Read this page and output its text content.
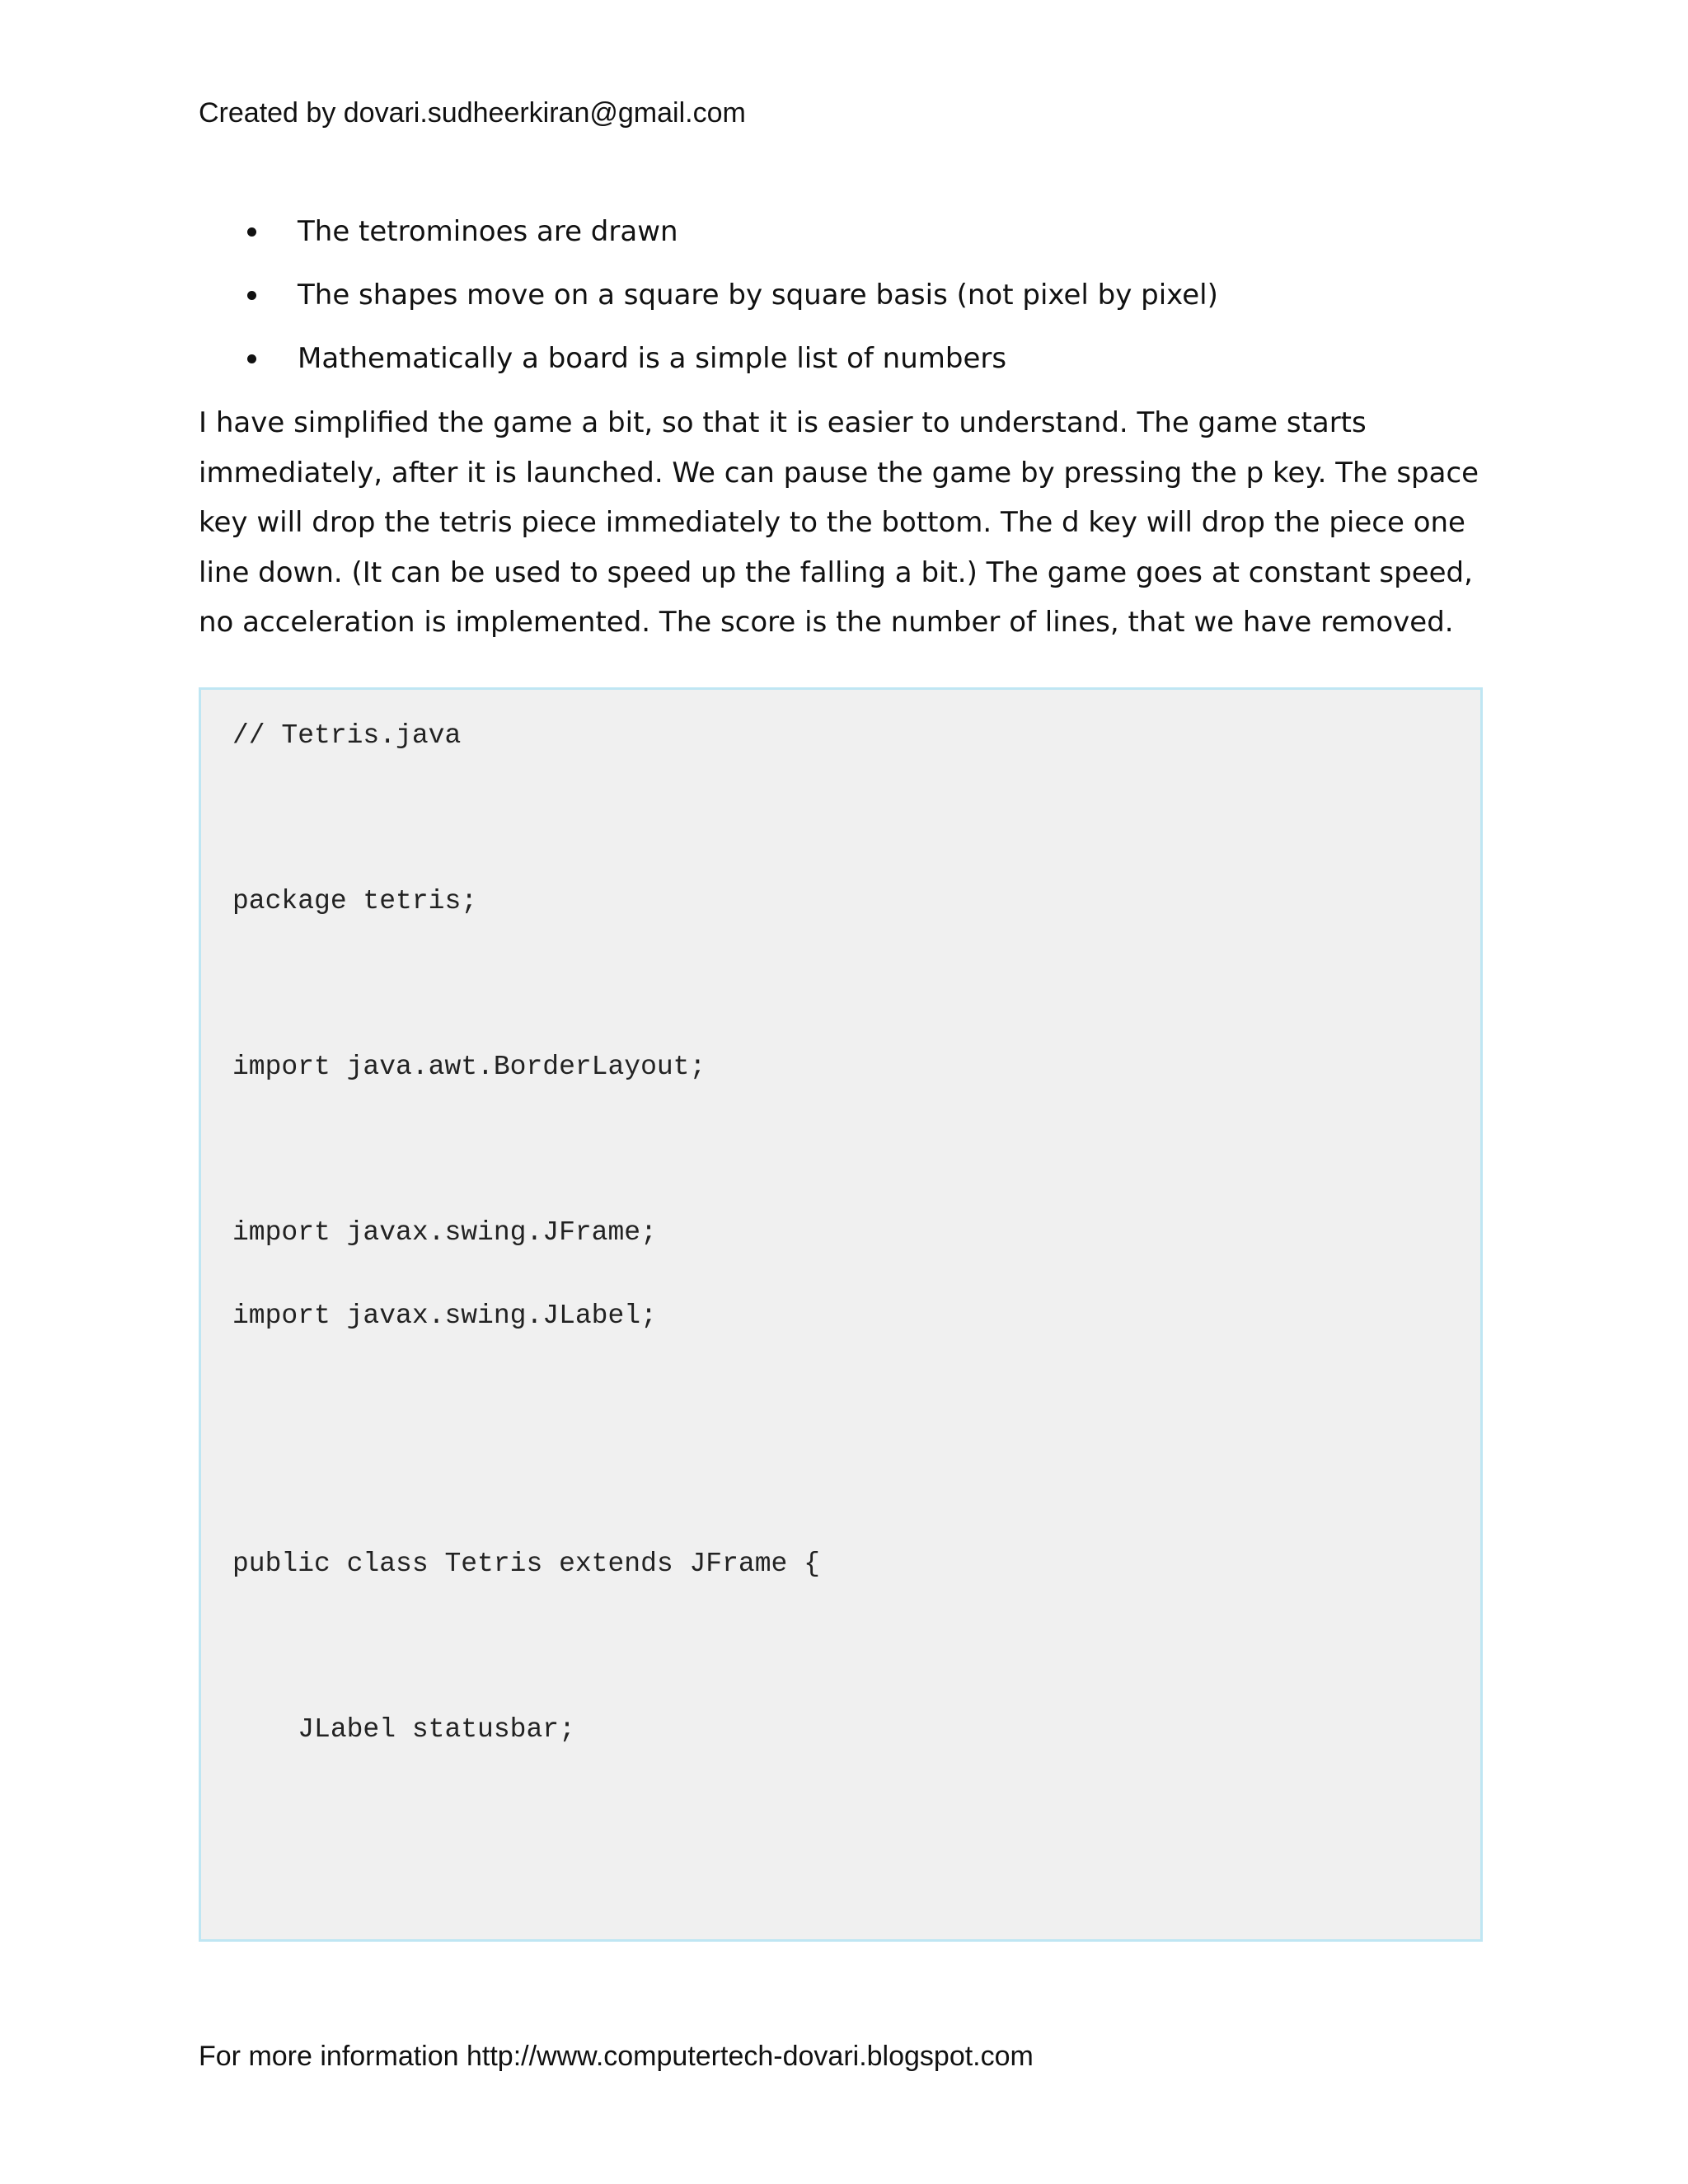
Created by dovari.sudheerkiran@gmail.com
The tetrominoes are drawn
The shapes move on a square by square basis (not pixel by pixel)
Mathematically a board is a simple list of numbers

I have simplified the game a bit, so that it is easier to understand. The game starts
immediately, after it is launched. We can pause the game by pressing the p key. The space
key will drop the tetris piece immediately to the bottom. The d key will drop the piece one
line down. (It can be used to speed up the falling a bit.) The game goes at constant speed,
no acceleration is implemented. The score is the number of lines, that we have removed.

// Tetris.java
package tetris;
import java.awt.BorderLayout;
import javax.swing.JFrame;
import javax.swing.JLabel;
public class Tetris extends JFrame {
JLabel statusbar;
For more information http://www.computertech-dovari.blogspot.com
